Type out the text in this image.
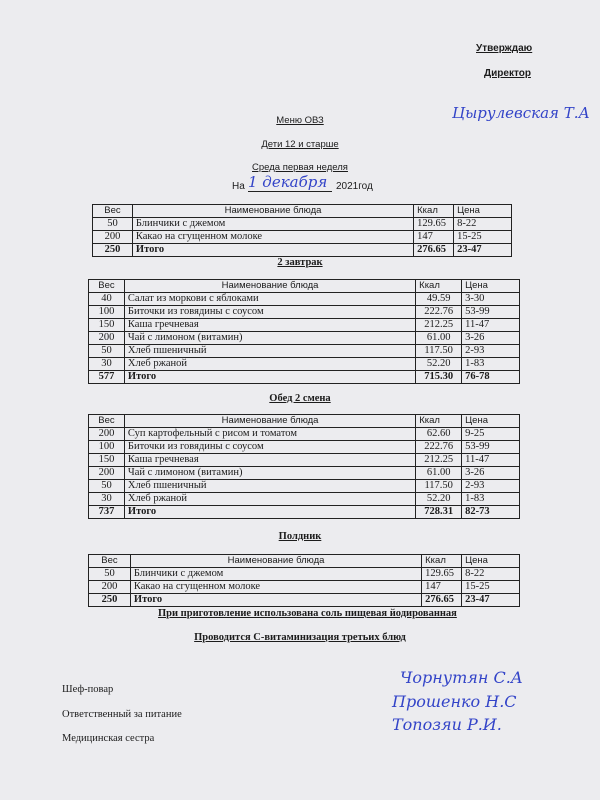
Утверждаю
Директор
Цырулевская Т.А
Меню ОВЗ
Дети 12 и старше
Среда первая неделя
На 1 декабря 2021год
Вес	Наименование блюда	Ккал	Цена
50	Блинчики с джемом	129.65	8-22
200	Какао на сгущенном молоке	147	15-25
250	Итого	276.65	23-47
2 завтрак
Вес	Наименование блюда	Ккал	Цена
40	Салат из моркови с яблоками	49.59	3-30
100	Биточки из говядины с соусом	222.76	53-99
150	Каша гречневая	212.25	11-47
200	Чай с лимоном (витамин)	61.00	3-26
50	Хлеб пшеничный	117.50	2-93
30	Хлеб ржаной	52.20	1-83
577	Итого	715.30	76-78
Обед 2 смена
Вес	Наименование блюда	Ккал	Цена
200	Суп картофельный с рисом и томатом	62.60	9-25
100	Биточки из говядины с соусом	222.76	53-99
150	Каша гречневая	212.25	11-47
200	Чай с лимоном (витамин)	61.00	3-26
50	Хлеб пшеничный	117.50	2-93
30	Хлеб ржаной	52.20	1-83
737	Итого	728.31	82-73
Полдник
Вес	Наименование блюда	Ккал	Цена
50	Блинчики с джемом	129.65	8-22
200	Какао на сгущенном молоке	147	15-25
250	Итого	276.65	23-47
При приготовление использована соль пищевая йодированная
Проводится С-витаминизация третьих блюд
Шеф-повар
Ответственный за питание
Медицинская сестра
Чорнутян С.А
Прошенко Н.С
Топозяи Р.И.
